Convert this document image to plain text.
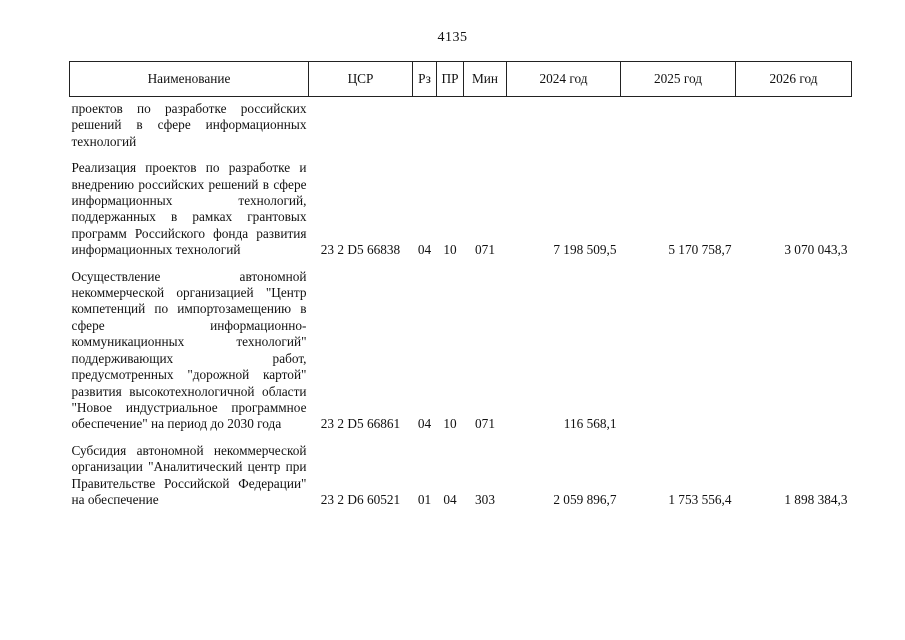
4135
Наименование	ЦСР	Рз	ПР	Мин	2024 год	2025 год	2026 год
проектов по разработке российских решений в сфере информационных технологий							

Реализация проектов по разработке и внедрению российских решений в сфере информационных технологий, поддержанных в рамках грантовых программ Российского фонда развития информационных технологий	23 2 D5 66838	04	10	071	7 198 509,5	5 170 758,7	3 070 043,3

Осуществление автономной некоммерческой организацией "Центр компетенций по импортозамещению в сфере информационно-коммуникационных технологий" поддерживающих работ, предусмотренных "дорожной картой" развития высокотехнологичной области "Новое индустриальное программное обеспечение" на период до 2030 года	23 2 D5 66861	04	10	071	116 568,1		

Субсидия автономной некоммерческой организации "Аналитический центр при Правительстве Российской Федерации" на обеспечение	23 2 D6 60521	01	04	303	2 059 896,7	1 753 556,4	1 898 384,3
